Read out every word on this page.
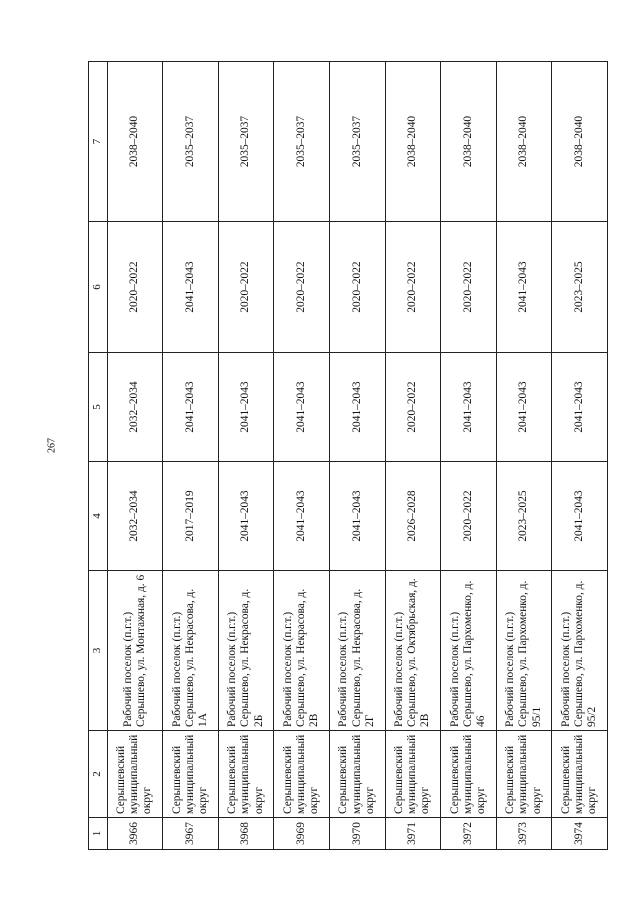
267
1	2	3	4	5	6	7
3966	Серышевский муниципальный округ	Рабочий поселок (п.г.т.) Серышево, ул. Монтажная, д. 6	2032–2034	2032–2034	2020–2022	2038–2040
3967	Серышевский муниципальный округ	Рабочий поселок (п.г.т.) Серышево, ул. Некрасова, д. 1А	2017–2019	2041–2043	2041–2043	2035–2037
3968	Серышевский муниципальный округ	Рабочий поселок (п.г.т.) Серышево, ул. Некрасова, д. 2Б	2041–2043	2041–2043	2020–2022	2035–2037
3969	Серышевский муниципальный округ	Рабочий поселок (п.г.т.) Серышево, ул. Некрасова, д. 2В	2041–2043	2041–2043	2020–2022	2035–2037
3970	Серышевский муниципальный округ	Рабочий поселок (п.г.т.) Серышево, ул. Некрасова, д. 2Г	2041–2043	2041–2043	2020–2022	2035–2037
3971	Серышевский муниципальный округ	Рабочий поселок (п.г.т.) Серышево, ул. Октябрьская, д. 2В	2026–2028	2020–2022	2020–2022	2038–2040
3972	Серышевский муниципальный округ	Рабочий поселок (п.г.т.) Серышево, ул. Пархоменко, д. 46	2020–2022	2041–2043	2020–2022	2038–2040
3973	Серышевский муниципальный округ	Рабочий поселок (п.г.т.) Серышево, ул. Пархоменко, д. 95/1	2023–2025	2041–2043	2041–2043	2038–2040
3974	Серышевский муниципальный округ	Рабочий поселок (п.г.т.) Серышево, ул. Пархоменко, д. 95/2	2041–2043	2041–2043	2023–2025	2038–2040
